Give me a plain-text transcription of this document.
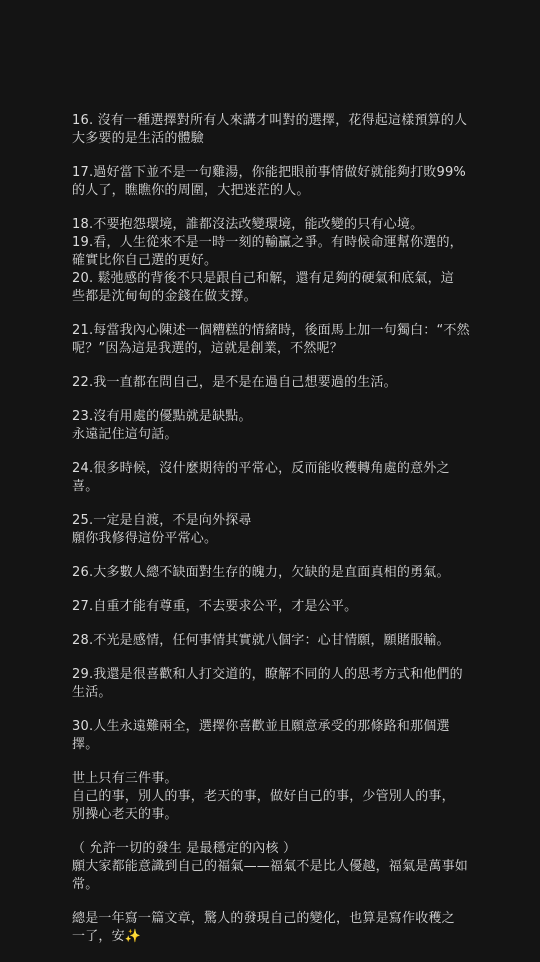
16. 沒有一種選擇對所有人來講才叫對的選擇，花得起這樣預算的人
大多要的是生活的體驗
17.過好當下並不是一句雞湯，你能把眼前事情做好就能夠打敗99%
的人了，瞧瞧你的周圍，大把迷茫的人。
18.不要抱怨環境，誰都沒法改變環境，能改變的只有心境。
19.看，人生從來不是一時一刻的輸贏之爭。有時候命運幫你選的，
確實比你自己選的更好。
20. 鬆弛感的背後不只是跟自己和解，還有足夠的硬氣和底氣，這
些都是沈甸甸的金錢在做支撐。
21.每當我內心陳述一個糟糕的情緒時，後面馬上加一句獨白：“不然
呢？”因為這是我選的，這就是創業，不然呢？
22.我一直都在問自己，是不是在過自己想要過的生活。
23.沒有用處的優點就是缺點。
永遠記住這句話。
24.很多時候，沒什麼期待的平常心，反而能收穫轉角處的意外之
喜。
25.一定是自渡，不是向外探尋
願你我修得這份平常心。
26.大多數人總不缺面對生存的魄力，欠缺的是直面真相的勇氣。
27.自重才能有尊重，不去要求公平，才是公平。
28.不光是感情，任何事情其實就八個字：心甘情願，願賭服輸。
29.我還是很喜歡和人打交道的，瞭解不同的人的思考方式和他們的
生活。
30.人生永遠難兩全，選擇你喜歡並且願意承受的那條路和那個選
擇。
世上只有三件事。
自己的事，別人的事，老天的事，做好自己的事，少管別人的事，
別操心老天的事。
（ 允許一切的發生 是最穩定的內核 ）
願大家都能意識到自己的福氣——福氣不是比人優越，福氣是萬事如
常。
總是一年寫一篇文章，驚人的發現自己的變化，也算是寫作收穫之
一了，安✨
